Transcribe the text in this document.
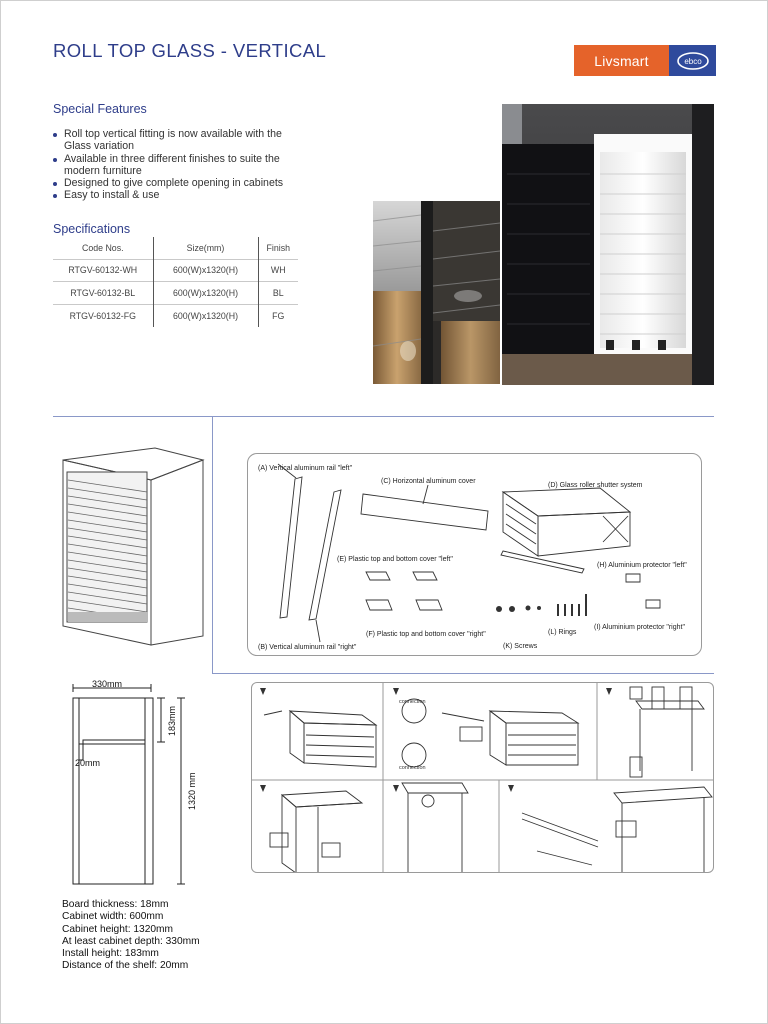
ROLL TOP GLASS - VERTICAL	Livsmart	ebco
Special Features
Roll top vertical fitting is now available with the
Glass variation
Available in three different finishes to suite the
modern furniture
Designed to give complete opening in cabinets
Easy to install & use
Specifications
Code Nos.	Size(mm)	Finish
RTGV-60132-WH	600(W)x1320(H)	WH
RTGV-60132-BL	600(W)x1320(H)	BL
RTGV-60132-FG	600(W)x1320(H)	FG
(A) Vertical aluminum rail "left"
(C) Horizontal aluminum cover
(D) Glass roller shutter system
(E) Plastic top and bottom cover "left"
(H) Aluminium protector "left"
(F) Plastic top and bottom cover "right"	(L) Rings
(I) Aluminium protector "right"
(B) Vertical aluminum rail "right"	(K) Screws
330mm
183mm
20mm
1320 mm
connection
connection
Board thickness: 18mm
Cabinet width: 600mm
Cabinet height: 1320mm
At least cabinet depth: 330mm
Install height: 183mm
Distance of the shelf: 20mm
